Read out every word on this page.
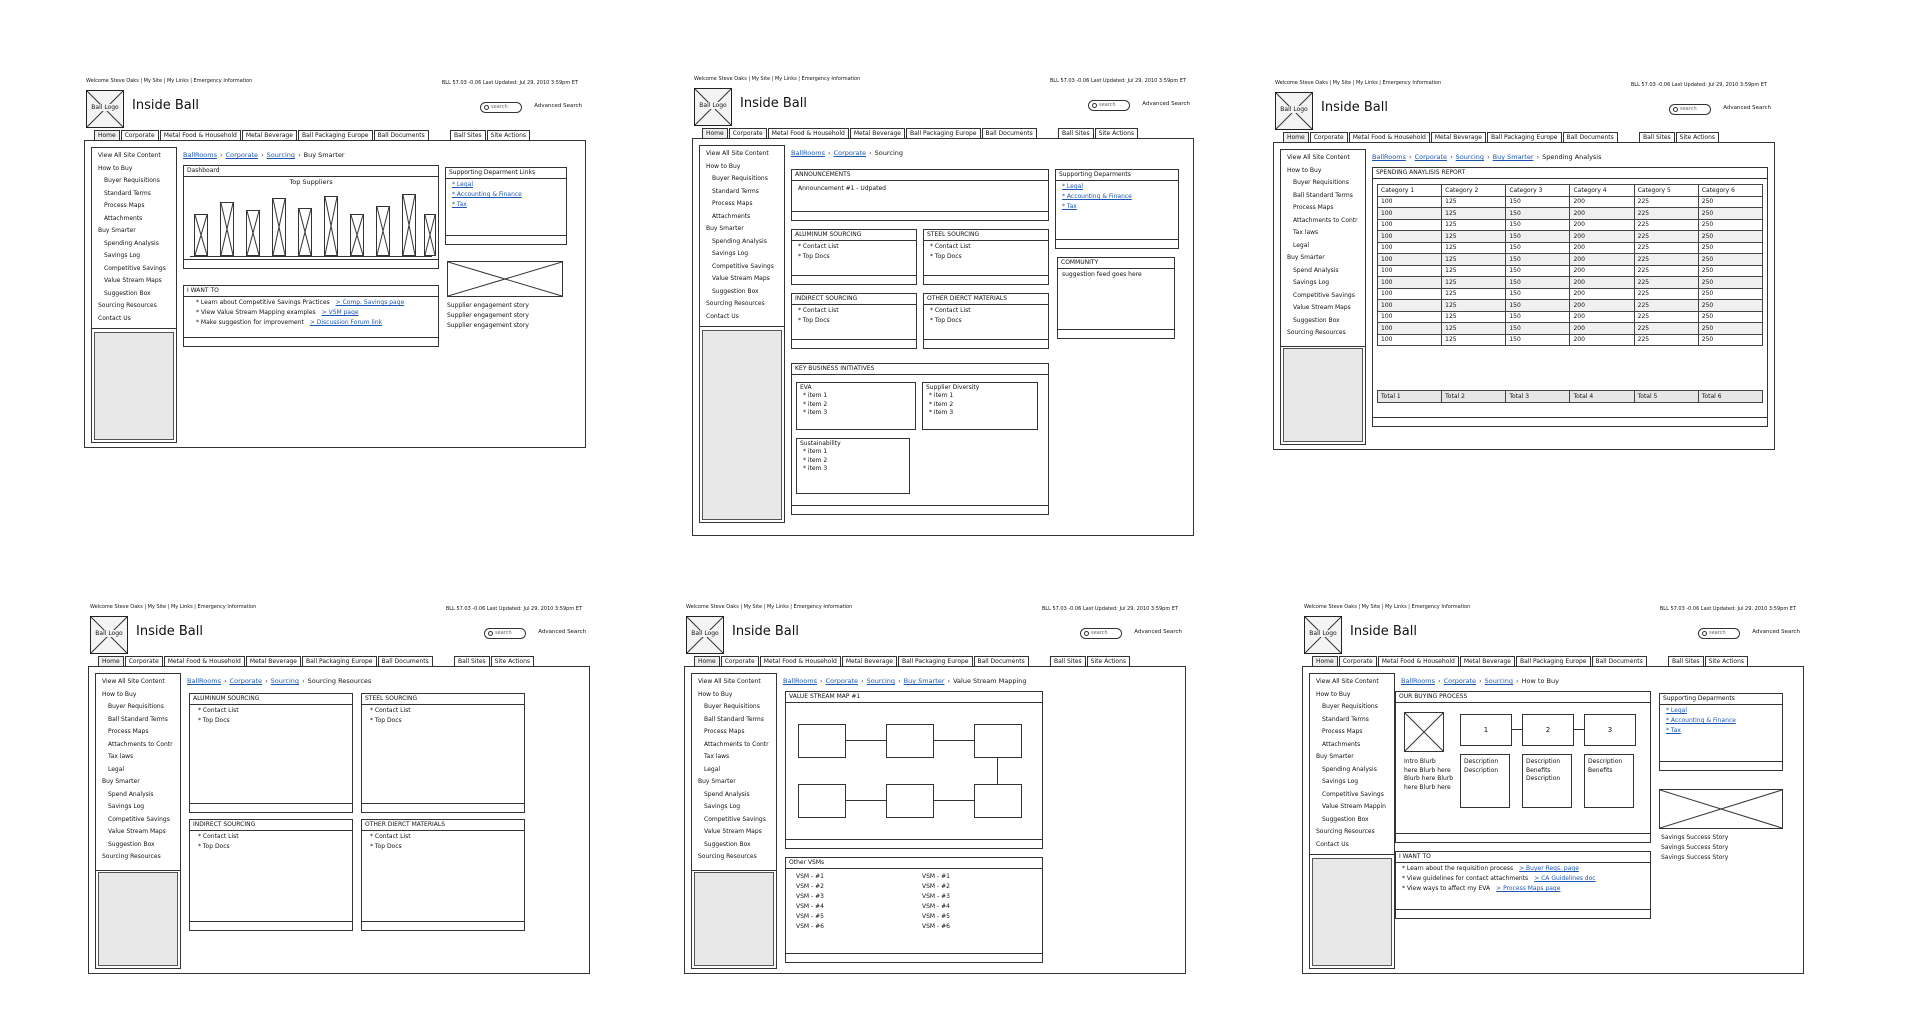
Welcome Steve Oaks | My Site | My Links | Emergency Information	BLL 57.03 -0.06 Last Updated: Jul 29, 2010 3:59pm ET
Ball Logo	Inside Ball	search	Advanced Search
Home	Corporate	Metal Food & Household	Metal Beverage	Ball Packaging Europe	Ball Documents	Ball Sites	Site Actions
View All Site Content
How to Buy
Buyer Requisitions
Standard Terms
Process Maps
Attachments
Buy Smarter
Spending Analysis
Savings Log
Competitive Savings
Value Stream Maps
Suggestion Box
Sourcing Resources
Contact Us
BallRooms › Corporate › Sourcing › Buy Smarter
Dashboard
Top Suppliers
I WANT TO
* Learn about Competitive Savings Practices > Comp. Savings page
* View Value Stream Mapping examples > VSM page
* Make suggestion for improvement > Discussion Forum link
Supporting Deparment Links
* Legal
* Accounting & Finance
* Tax
Supplier engagement story
Supplier engagement story
Supplier engagement story
Welcome Steve Oaks | My Site | My Links | Emergency Information	BLL 57.03 -0.06 Last Updated: Jul 29, 2010 3:59pm ET
Ball Logo	Inside Ball	search	Advanced Search
Home	Corporate	Metal Food & Household	Metal Beverage	Ball Packaging Europe	Ball Documents	Ball Sites	Site Actions
View All Site Content
How to Buy
Buyer Requisitions
Standard Terms
Process Maps
Attachments
Buy Smarter
Spending Analysis
Savings Log
Competitive Savings
Value Stream Maps
Suggestion Box
Sourcing Resources
Contact Us
BallRooms › Corporate › Sourcing
ANNOUNCEMENTS
Announcement #1 - Udpated
ALUMINUM SOURCING
* Contact List
* Top Docs
STEEL SOURCING
* Contact List
* Top Docs
INDIRECT SOURCING
* Contact List
* Top Docs
OTHER DIERCT MATERIALS
* Contact List
* Top Docs
KEY BUSINESS INITIATIVES
EVA
* item 1
* item 2
* item 3
Supplier Diversity
* item 1
* item 2
* item 3
Sustainability
* item 1
* item 2
* item 3
Supporting Deparments
* Legal
* Accounting & Finance
* Tax
COMMUNITY
suggestion feed goes here
Welcome Steve Oaks | My Site | My Links | Emergency Information	BLL 57.03 -0.06 Last Updated: Jul 29, 2010 3:59pm ET
Ball Logo	Inside Ball	search	Advanced Search
Home	Corporate	Metal Food & Household	Metal Beverage	Ball Packaging Europe	Ball Documents	Ball Sites	Site Actions
View All Site Content
How to Buy
Buyer Requisitions
Ball Standard Terms
Process Maps
Attachments to Contr
Tax laws
Legal
Buy Smarter
Spend Analysis
Savings Log
Competitive Savings
Value Stream Maps
Suggestion Box
Sourcing Resources
BallRooms › Corporate › Sourcing › Buy Smarter › Spending Analysis
SPENDING ANAYLISIS REPORT
Category 1	Category 2	Category 3	Category 4	Category 5	Category 6
100	125	150	200	225	250
100	125	150	200	225	250
100	125	150	200	225	250
100	125	150	200	225	250
100	125	150	200	225	250
100	125	150	200	225	250
100	125	150	200	225	250
100	125	150	200	225	250
100	125	150	200	225	250
100	125	150	200	225	250
100	125	150	200	225	250
100	125	150	200	225	250
100	125	150	200	225	250
Total 1	Total 2	Total 3	Total 4	Total 5	Total 6
Welcome Steve Oaks | My Site | My Links | Emergency Information	BLL 57.03 -0.06 Last Updated: Jul 29, 2010 3:59pm ET
Ball Logo	Inside Ball	search	Advanced Search
Home	Corporate	Metal Food & Household	Metal Beverage	Ball Packaging Europe	Ball Documents	Ball Sites	Site Actions
View All Site Content
How to Buy
Buyer Requisitions
Ball Standard Terms
Process Maps
Attachments to Contr
Tax laws
Legal
Buy Smarter
Spend Analysis
Savings Log
Competitive Savings
Value Stream Maps
Suggestion Box
Sourcing Resources
BallRooms › Corporate › Sourcing › Sourcing Resources
ALUMINUM SOURCING
* Contact List
* Top Docs
STEEL SOURCING
* Contact List
* Top Docs
INDIRECT SOURCING
* Contact List
* Top Docs
OTHER DIERCT MATERIALS
* Contact List
* Top Docs
Welcome Steve Oaks | My Site | My Links | Emergency Information	BLL 57.03 -0.06 Last Updated: Jul 29, 2010 3:59pm ET
Ball Logo	Inside Ball	search	Advanced Search
Home	Corporate	Metal Food & Household	Metal Beverage	Ball Packaging Europe	Ball Documents	Ball Sites	Site Actions
View All Site Content
How to Buy
Buyer Requisitions
Ball Standard Terms
Process Maps
Attachments to Contr
Tax laws
Legal
Buy Smarter
Spend Analysis
Savings Log
Competitive Savings
Value Stream Maps
Suggestion Box
Sourcing Resources
BallRooms › Corporate › Sourcing › Buy Smarter › Value Stream Mapping
VALUE STREAM MAP #1
Other VSMs
VSM - #1
VSM - #2
VSM - #3
VSM - #4
VSM - #5
VSM - #6
VSM - #1
VSM - #2
VSM - #3
VSM - #4
VSM - #5
VSM - #6
Welcome Steve Oaks | My Site | My Links | Emergency Information	BLL 57.03 -0.06 Last Updated: Jul 29, 2010 3:59pm ET
Ball Logo	Inside Ball	search	Advanced Search
Home	Corporate	Metal Food & Household	Metal Beverage	Ball Packaging Europe	Ball Documents	Ball Sites	Site Actions
View All Site Content
How to Buy
Buyer Requisitions
Standard Terms
Process Maps
Attachments
Buy Smarter
Spending Analysis
Savings Log
Competitive Savings
Value Stream Mappin
Suggestion Box
Sourcing Resources
Contact Us
BallRooms › Corporate › Sourcing › How to Buy
OUR BUYING PROCESS
Intro Blurb
here Blurb here
Blurb here Blurb
here Blurb here
1	2	3
Description
Description
Description
Benefits
Description
Description
Benefits
I WANT TO
* Learn about the requisition process > Buyer Reqs. page
* View guidelines for contact attachments > CA Guidelines doc
* View ways to affect my EVA > Process Maps page
Supporting Deparments
* Legal
* Accounting & Finance
* Tax
Savings Success Story
Savings Success Story
Savings Success Story
